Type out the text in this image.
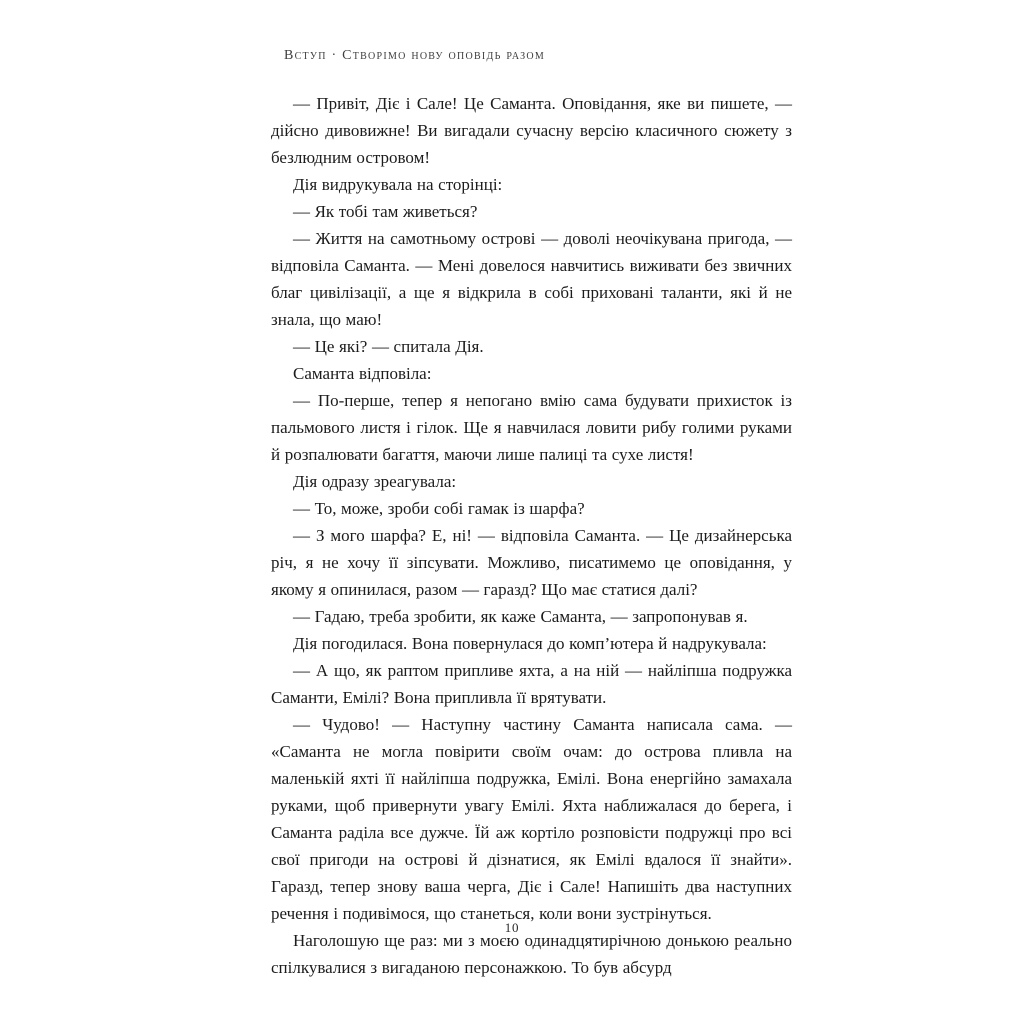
Вступ · Створімо нову оповідь разом

— Привіт, Діє і Сале! Це Саманта. Оповідання, яке ви пишете, — дійсно дивовижне! Ви вигадали сучасну версію класичного сюжету з безлюдним островом!

Дія видрукувала на сторінці:

— Як тобі там живеться?

— Життя на самотньому острові — доволі неочікувана пригода, — відповіла Саманта. — Мені довелося навчитись виживати без звичних благ цивілізації, а ще я відкрила в собі приховані таланти, які й не знала, що маю!

— Це які? — спитала Дія.

Саманта відповіла:

— По-перше, тепер я непогано вмію сама будувати прихисток із пальмового листя і гілок. Ще я навчилася ловити рибу голими руками й розпалювати багаття, маючи лише палиці та сухе листя!

Дія одразу зреагувала:

— То, може, зроби собі гамак із шарфа?

— З мого шарфа? Е, ні! — відповіла Саманта. — Це дизайнерська річ, я не хочу її зіпсувати. Можливо, писатимемо це оповідання, у якому я опинилася, разом — гаразд? Що має статися далі?

— Гадаю, треба зробити, як каже Саманта, — запропонував я.

Дія погодилася. Вона повернулася до комп’ютера й надрукувала:

— А що, як раптом припливе яхта, а на ній — найліпша подружка Саманти, Емілі? Вона припливла її врятувати.

— Чудово! — Наступну частину Саманта написала сама. — «Саманта не могла повірити своїм очам: до острова пливла на маленькій яхті її найліпша подружка, Емілі. Вона енергійно замахала руками, щоб привернути увагу Емілі. Яхта наближалася до берега, і Саманта раділа все дужче. Їй аж кортіло розповісти подружці про всі свої пригоди на острові й дізнатися, як Емілі вдалося її знайти». Гаразд, тепер знову ваша черга, Діє і Сале! Напишіть два наступних речення і подивімося, що станеться, коли вони зустрінуться.

Наголошую ще раз: ми з моєю одинадцятирічною донькою реально спілкувалися з вигаданою персонажкою. То був абсурд

10
